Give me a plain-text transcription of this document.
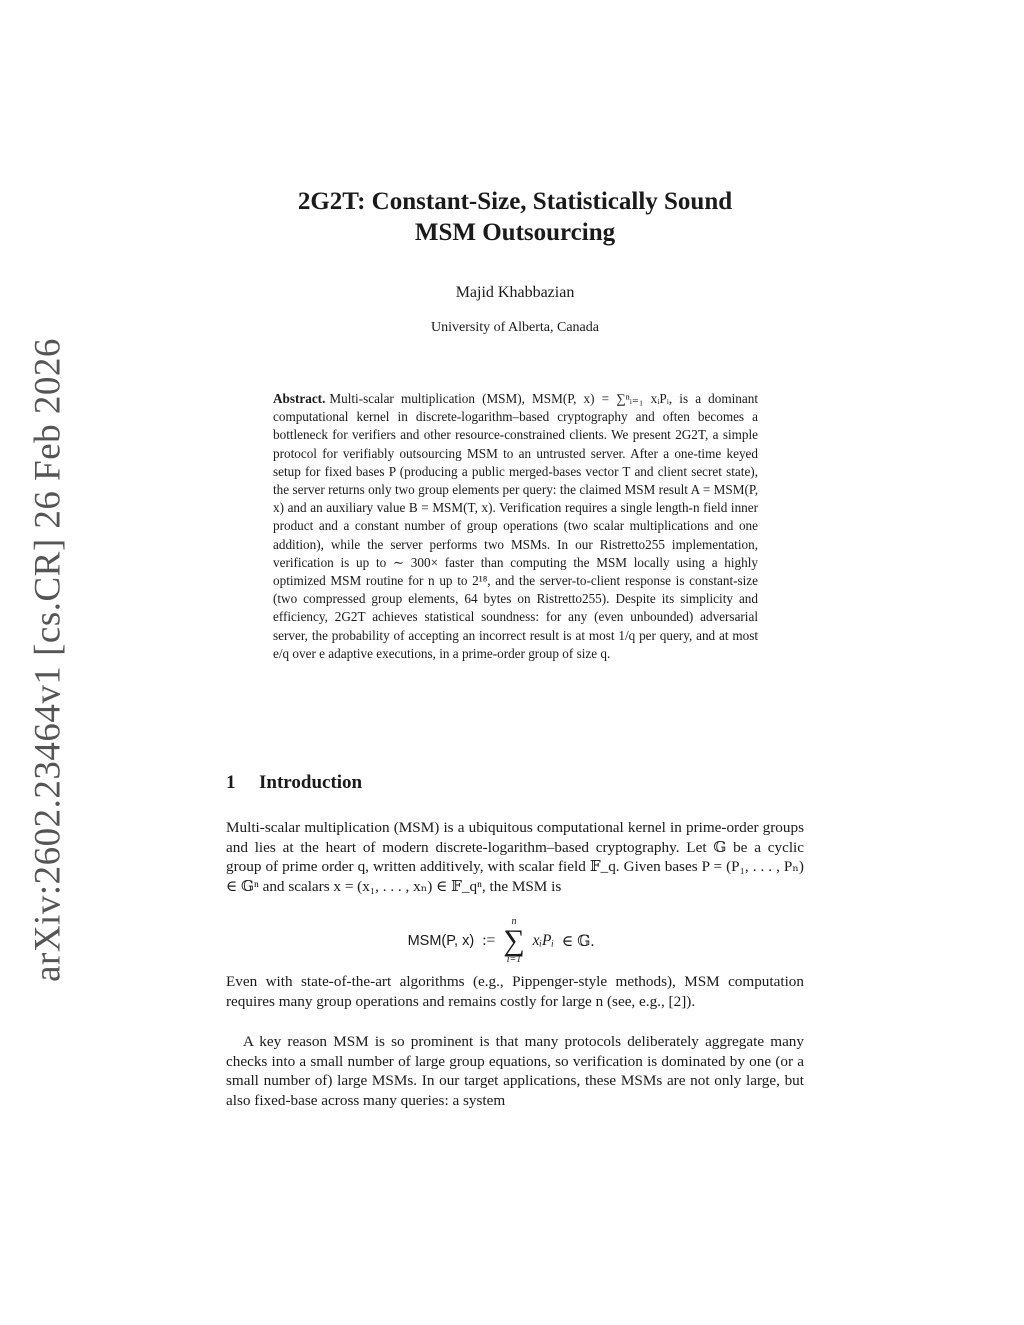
arXiv:2602.23464v1 [cs.CR] 26 Feb 2026
2G2T: Constant-Size, Statistically Sound
MSM Outsourcing
Majid Khabbazian
University of Alberta, Canada

Abstract. Multi-scalar multiplication (MSM), MSM(P, x) = ∑ⁿᵢ₌₁ xᵢPᵢ, is a dominant computational kernel in discrete-logarithm–based cryptography and often becomes a bottleneck for verifiers and other resource-constrained clients. We present 2G2T, a simple protocol for verifiably outsourcing MSM to an untrusted server. After a one-time keyed setup for fixed bases P (producing a public merged-bases vector T and client secret state), the server returns only two group elements per query: the claimed MSM result A = MSM(P, x) and an auxiliary value B = MSM(T, x). Verification requires a single length-n field inner product and a constant number of group operations (two scalar multiplications and one addition), while the server performs two MSMs. In our Ristretto255 implementation, verification is up to ∼ 300× faster than computing the MSM locally using a highly optimized MSM routine for n up to 2¹⁸, and the server-to-client response is constant-size (two compressed group elements, 64 bytes on Ristretto255). Despite its simplicity and efficiency, 2G2T achieves statistical soundness: for any (even unbounded) adversarial server, the probability of accepting an incorrect result is at most 1/q per query, and at most e/q over e adaptive executions, in a prime-order group of size q.

1 Introduction

Multi-scalar multiplication (MSM) is a ubiquitous computational kernel in prime-order groups and lies at the heart of modern discrete-logarithm–based cryptography. Let 𝔾 be a cyclic group of prime order q, written additively, with scalar field 𝔽_q. Given bases P = (P₁, . . . , Pₙ) ∈ 𝔾ⁿ and scalars x = (x₁, . . . , xₙ) ∈ 𝔽_qⁿ, the MSM is

MSM(P, x) :=
n
∑
i=1
xᵢPᵢ ∈ 𝔾.

Even with state-of-the-art algorithms (e.g., Pippenger-style methods), MSM computation requires many group operations and remains costly for large n (see, e.g., [2]).

A key reason MSM is so prominent is that many protocols deliberately aggregate many checks into a small number of large group equations, so verification is dominated by one (or a small number of) large MSMs. In our target applications, these MSMs are not only large, but also fixed-base across many queries: a system
